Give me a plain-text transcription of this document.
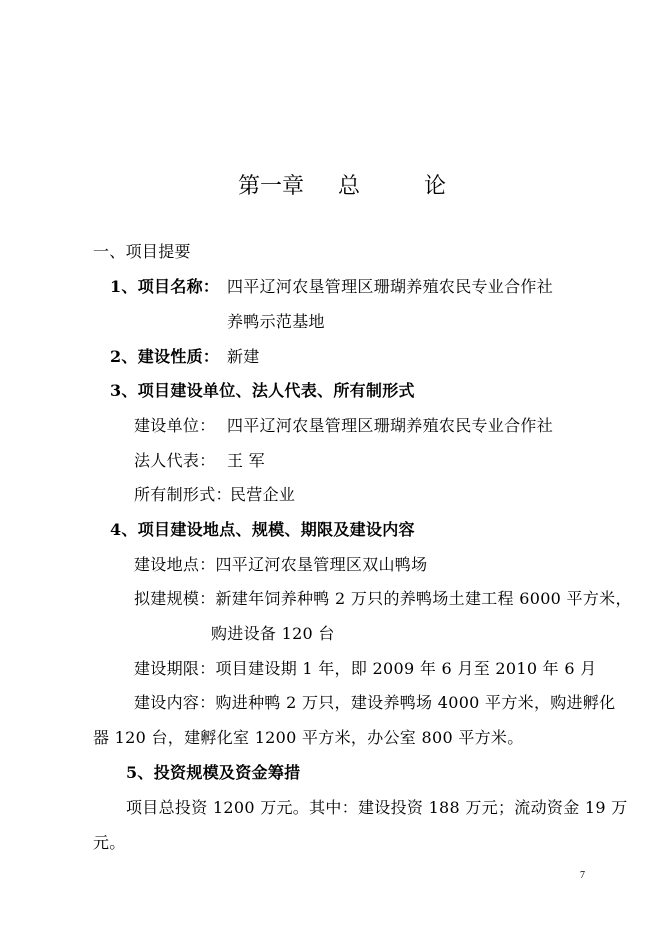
第一章 总	论
一、项目提要
1、项目名称： 四平辽河农垦管理区珊瑚养殖农民专业合作社
养鸭示范基地
2、建设性质： 新建
3、项目建设单位、法人代表、所有制形式
建设单位： 四平辽河农垦管理区珊瑚养殖农民专业合作社
法人代表： 王 军
所有制形式：
民营企业
4、项目建设地点、规模、期限及建设内容
建设地点：四平辽河农垦管理区双山鸭场
拟建规模：新建年饲养种鸭 2 万只的养鸭场土建工程 6000 平方米，
购进设备 120 台
建设期限：项目建设期 1 年，即 2009 年 6 月至 2010 年 6 月
建设内容：购进种鸭 2 万只，建设养鸭场 4000 平方米，购进孵化
器 120 台，建孵化室 1200 平方米，办公室 800 平方米。
5、投资规模及资金筹措
项目总投资 1200 万元。其中：建设投资 188 万元；流动资金 19 万
元。
7
